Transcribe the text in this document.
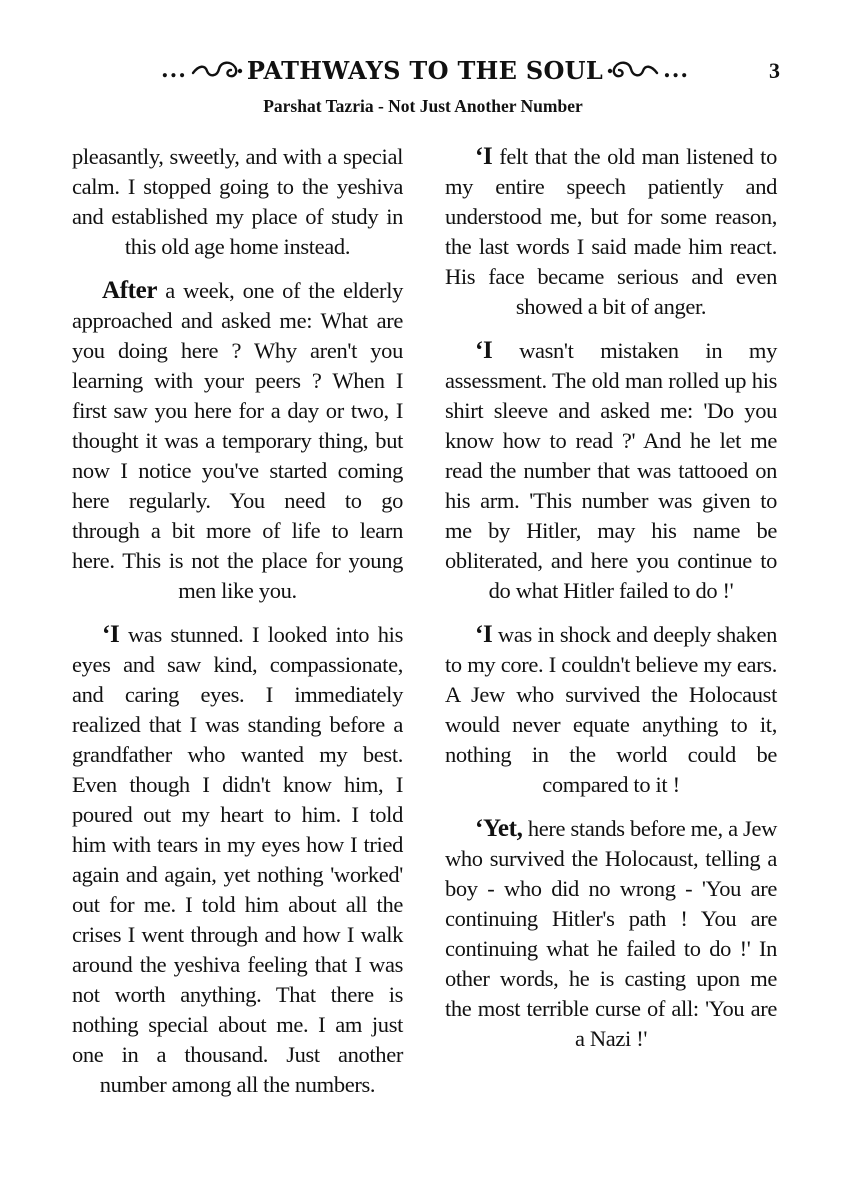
...	PATHWAYS TO THE SOUL	...	3
Parshat Tazria - Not Just Another Number

pleasantly, sweetly, and with a special calm. I stopped going to the yeshiva and established my place of study in this old age home instead.

After a week, one of the elderly approached and asked me: What are you doing here ? Why aren't you learning with your peers ? When I first saw you here for a day or two, I thought it was a temporary thing, but now I notice you've started coming here regularly. You need to go through a bit more of life to learn here. This is not the place for young men like you.

‘I was stunned. I looked into his eyes and saw kind, compassionate, and caring eyes. I immediately realized that I was standing before a grandfather who wanted my best. Even though I didn't know him, I poured out my heart to him. I told him with tears in my eyes how I tried again and again, yet nothing 'worked' out for me. I told him about all the crises I went through and how I walk around the yeshiva feeling that I was not worth anything. That there is nothing special about me. I am just one in a thousand. Just another number among all the numbers.

‘I felt that the old man listened to my entire speech patiently and understood me, but for some reason, the last words I said made him react. His face became serious and even showed a bit of anger.

‘I wasn't mistaken in my assessment. The old man rolled up his shirt sleeve and asked me: 'Do you know how to read ?' And he let me read the number that was tattooed on his arm. 'This number was given to me by Hitler, may his name be obliterated, and here you continue to do what Hitler failed to do !'

‘I was in shock and deeply shaken to my core. I couldn't believe my ears. A Jew who survived the Holocaust would never equate anything to it, nothing in the world could be compared to it !

‘Yet, here stands before me, a Jew who survived the Holocaust, telling a boy - who did no wrong - 'You are continuing Hitler's path ! You are continuing what he failed to do !' In other words, he is casting upon me the most terrible curse of all: 'You are a Nazi !'
